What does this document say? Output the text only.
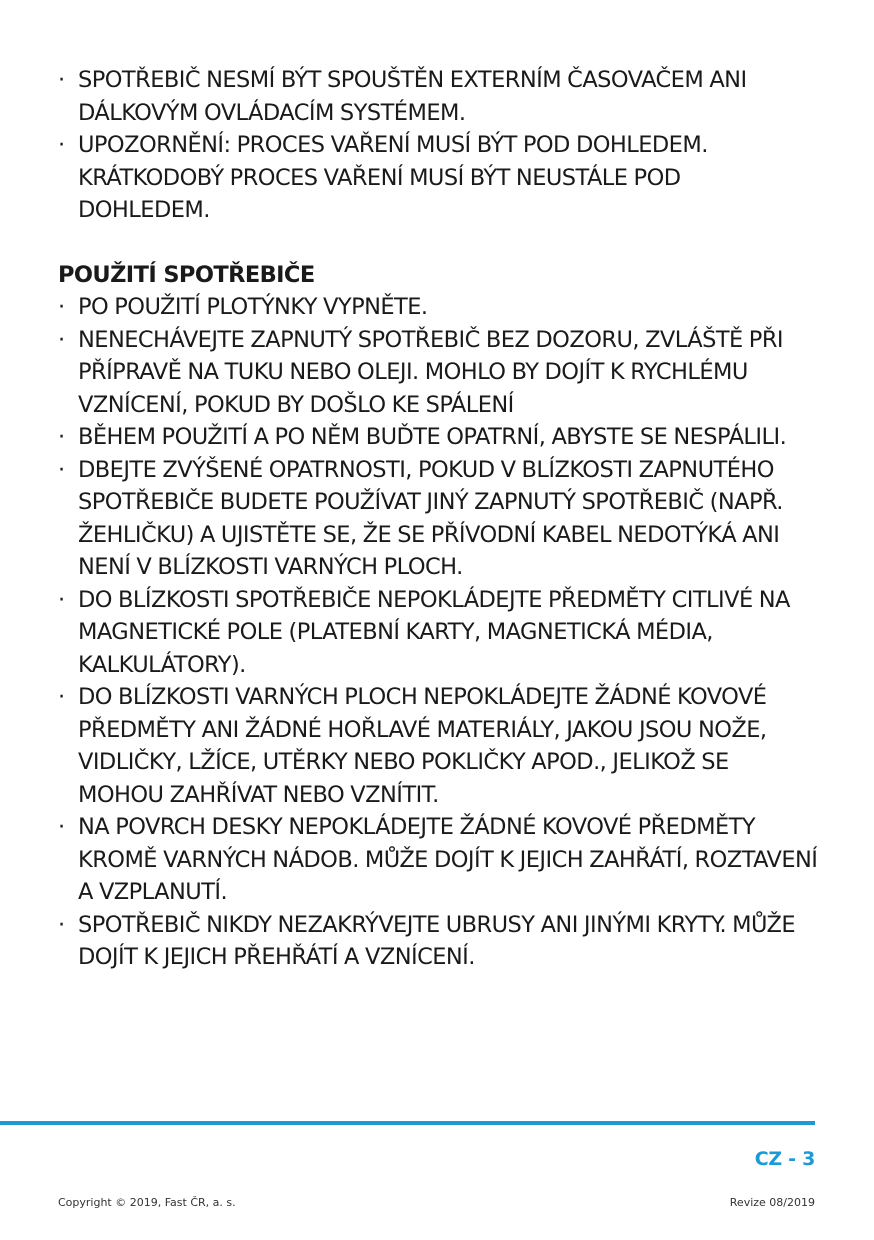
· SPOTŘEBIČ NESMÍ BÝT SPOUŠTĚN EXTERNÍM ČASOVAČEM ANI DÁLKOVÝM OVLÁDACÍM SYSTÉMEM.
· UPOZORNĚNÍ: PROCES VAŘENÍ MUSÍ BÝT POD DOHLEDEM. KRÁTKODOBÝ PROCES VAŘENÍ MUSÍ BÝT NEUSTÁLE POD DOHLEDEM.
POUŽITÍ SPOTŘEBIČE
· PO POUŽITÍ PLOTÝNKY VYPNĚTE.
· NENECHÁVEJTE ZAPNUTÝ SPOTŘEBIČ BEZ DOZORU, ZVLÁŠTĚ PŘI PŘÍPRAVĚ NA TUKU NEBO OLEJI. MOHLO BY DOJÍT K RYCHLÉMU VZNÍCENÍ, POKUD BY DOŠLO KE SPÁLENÍ
· BĚHEM POUŽITÍ A PO NĚM BUĎTE OPATRNÍ, ABYSTE SE NESPÁLILI.
· DBEJTE ZVÝŠENÉ OPATRNOSTI, POKUD V BLÍZKOSTI ZAPNUTÉHO SPOTŘEBIČE BUDETE POUŽÍVAT JINÝ ZAPNUTÝ SPOTŘEBIČ (NAPŘ. ŽEHLIČKU) A UJISTĚTE SE, ŽE SE PŘÍVODNÍ KABEL NEDOTÝKÁ ANI NENÍ V BLÍZKOSTI VARNÝCH PLOCH.
· DO BLÍZKOSTI SPOTŘEBIČE NEPOKLÁDEJTE PŘEDMĚTY CITLIVÉ NA MAGNETICKÉ POLE (PLATEBNÍ KARTY, MAGNETICKÁ MÉDIA, KALKULÁTORY).
· DO BLÍZKOSTI VARNÝCH PLOCH NEPOKLÁDEJTE ŽÁDNÉ KOVOVÉ PŘEDMĚTY ANI ŽÁDNÉ HOŘLAVÉ MATERIÁLY, JAKOU JSOU NOŽE, VIDLIČKY, LŽÍCE, UTĚRKY NEBO POKLIČKY APOD., JELIKOŽ SE MOHOU ZAHŘÍVAT NEBO VZNÍTIT.
· NA POVRCH DESKY NEPOKLÁDEJTE ŽÁDNÉ KOVOVÉ PŘEDMĚTY KROMĚ VARNÝCH NÁDOB. MŮŽE DOJÍT K JEJICH ZAHŘÁTÍ, ROZTAVENÍ A VZPLANUTÍ.
· SPOTŘEBIČ NIKDY NEZAKRÝVEJTE UBRUSY ANI JINÝMI KRYTY. MŮŽE DOJÍT K JEJICH PŘEHŘÁTÍ A VZNÍCENÍ.
CZ - 3
Copyright © 2019, Fast ČR, a. s.	Revize 08/2019
